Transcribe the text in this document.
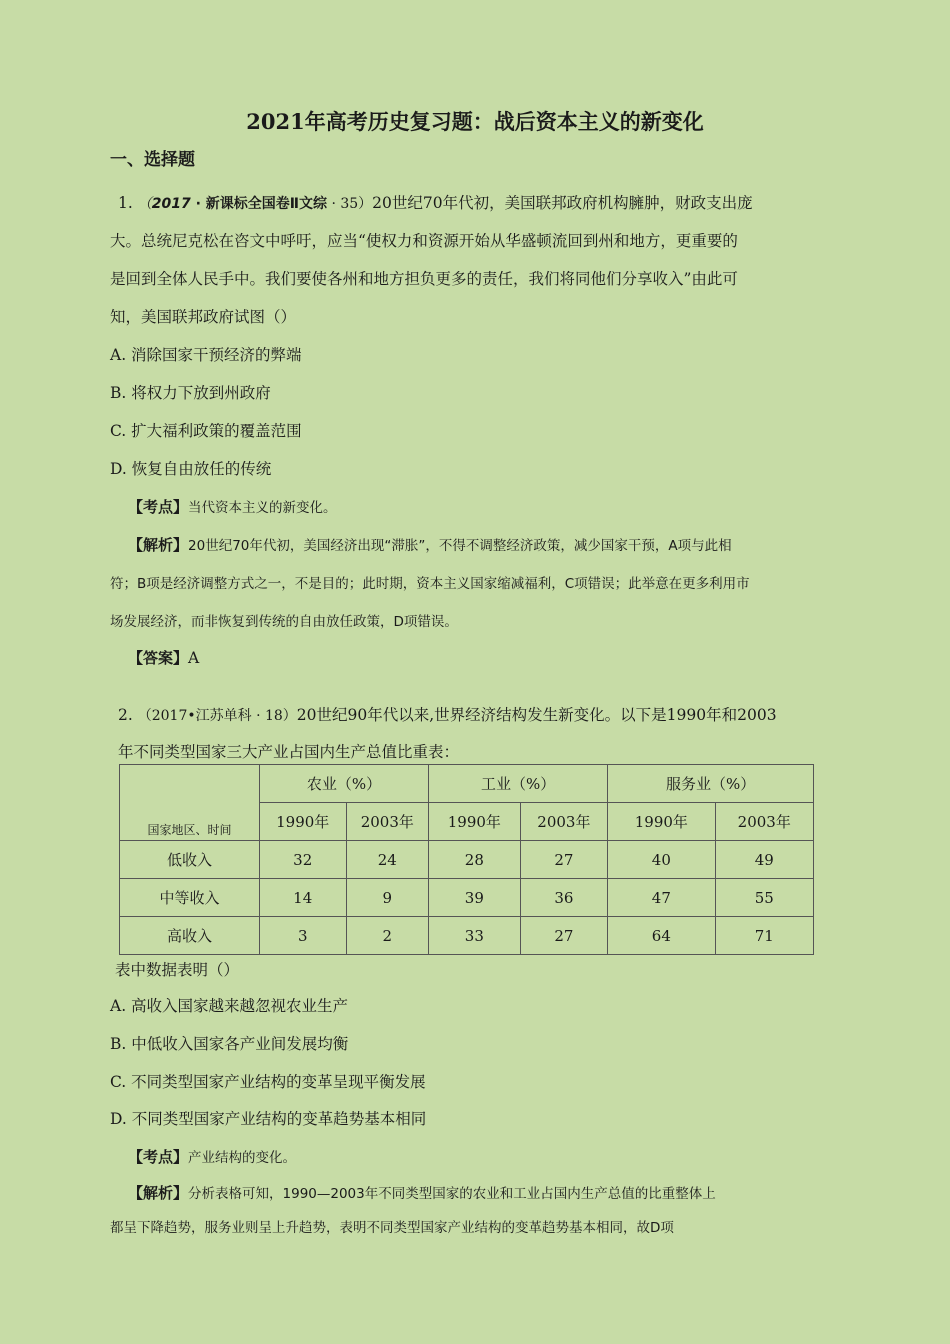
2021年高考历史复习题：战后资本主义的新变化
一、选择题
1. （2017 · 新课标全国卷Ⅱ文综 · 35）20世纪70年代初，美国联邦政府机构臃肿，财政支出庞
大。总统尼克松在咨文中呼吁，应当“使权力和资源开始从华盛顿流回到州和地方，更重要的
是回到全体人民手中。我们要使各州和地方担负更多的责任，我们将同他们分享收入”由此可
知，美国联邦政府试图（）
A. 消除国家干预经济的弊端
B. 将权力下放到州政府
C. 扩大福利政策的覆盖范围
D. 恢复自由放任的传统
【考点】当代资本主义的新变化。
【解析】20世纪70年代初，美国经济出现“滞胀”，不得不调整经济政策，减少国家干预，A项与此相
符；B项是经济调整方式之一，不是目的；此时期，资本主义国家缩减福利，C项错误；此举意在更多利用市
场发展经济，而非恢复到传统的自由放任政策，D项错误。
【答案】A
2. （2017•江苏单科 · 18）20世纪90年代以来,世界经济结构发生新变化。以下是1990年和2003
年不同类型国家三大产业占国内生产总值比重表：
国家地区、时间	农业（%）		工业（%）		服务业（%）	
	1990年	2003年	1990年	2003年	1990年	2003年
低收入	32	24	28	27	40	49
中等收入	14	9	39	36	47	55
高收入	3	2	33	27	64	71
表中数据表明（）
A. 高收入国家越来越忽视农业生产
B. 中低收入国家各产业间发展均衡
C. 不同类型国家产业结构的变革呈现平衡发展
D. 不同类型国家产业结构的变革趋势基本相同
【考点】产业结构的变化。
【解析】分析表格可知，1990—2003年不同类型国家的农业和工业占国内生产总值的比重整体上
都呈下降趋势，服务业则呈上升趋势，表明不同类型国家产业结构的变革趋势基本相同，故D项
